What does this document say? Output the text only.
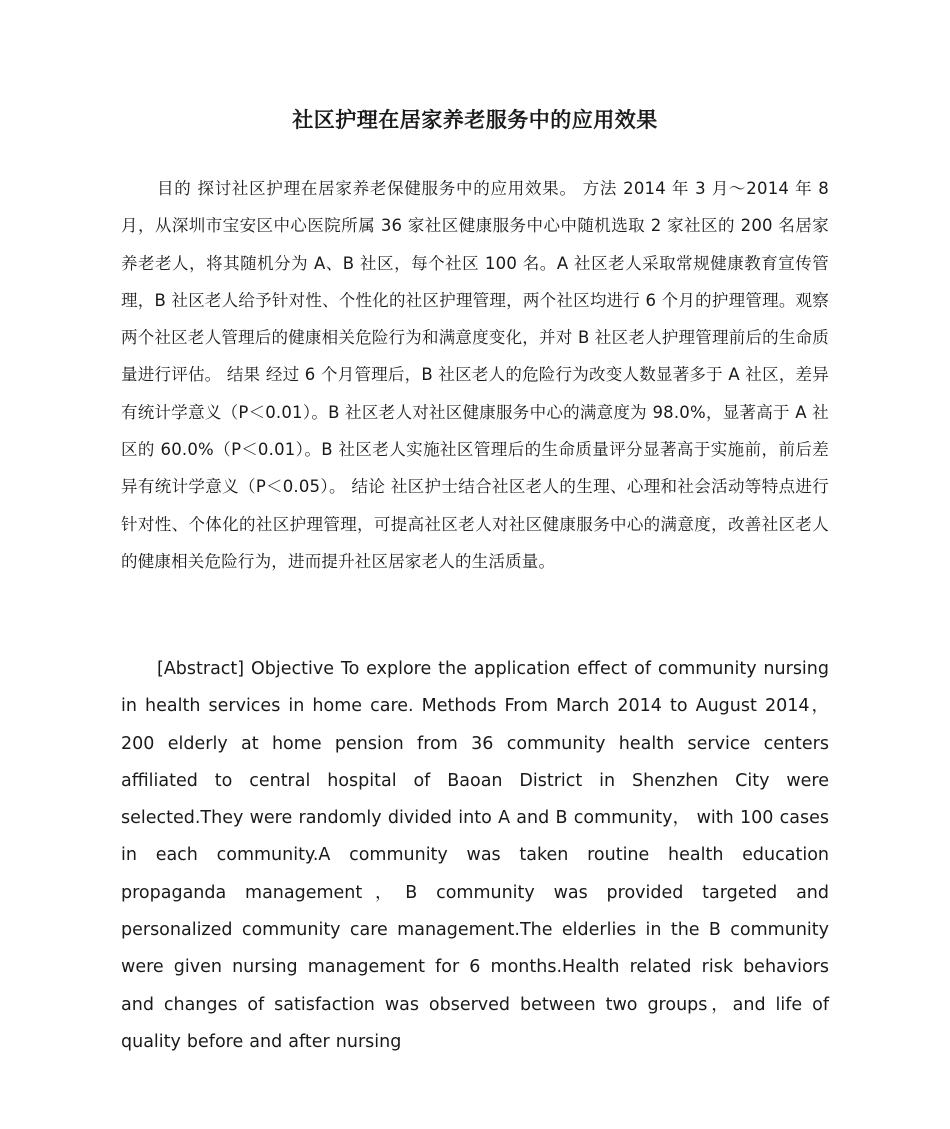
社区护理在居家养老服务中的应用效果

目的 探讨社区护理在居家养老保健服务中的应用效果。 方法 2014 年 3 月～2014 年 8 月，从深圳市宝安区中心医院所属 36 家社区健康服务中心中随机选取 2 家社区的 200 名居家养老老人，将其随机分为 A、B 社区，每个社区 100 名。A 社区老人采取常规健康教育宣传管理，B 社区老人给予针对性、个性化的社区护理管理，两个社区均进行 6 个月的护理管理。观察两个社区老人管理后的健康相关危险行为和满意度变化，并对 B 社区老人护理管理前后的生命质量进行评估。 结果 经过 6 个月管理后，B 社区老人的危险行为改变人数显著多于 A 社区，差异有统计学意义（P＜0.01）。B 社区老人对社区健康服务中心的满意度为 98.0%，显著高于 A 社区的 60.0%（P＜0.01）。B 社区老人实施社区管理后的生命质量评分显著高于实施前，前后差异有统计学意义（P＜0.05）。 结论 社区护士结合社区老人的生理、心理和社会活动等特点进行针对性、个体化的社区护理管理，可提高社区老人对社区健康服务中心的满意度，改善社区老人的健康相关危险行为，进而提升社区居家老人的生活质量。

[Abstract] Objective To explore the application effect of community nursing in health services in home care. Methods From March 2014 to August 2014，200 elderly at home pension from 36 community health service centers affiliated to central hospital of Baoan District in Shenzhen City were selected.They were randomly divided into A and B community， with 100 cases in each community.A community was taken routine health education propaganda management，B community was provided targeted and personalized community care management.The elderlies in the B community were given nursing management for 6 months.Health related risk behaviors and changes of satisfaction was observed between two groups，and life of quality before and after nursing
